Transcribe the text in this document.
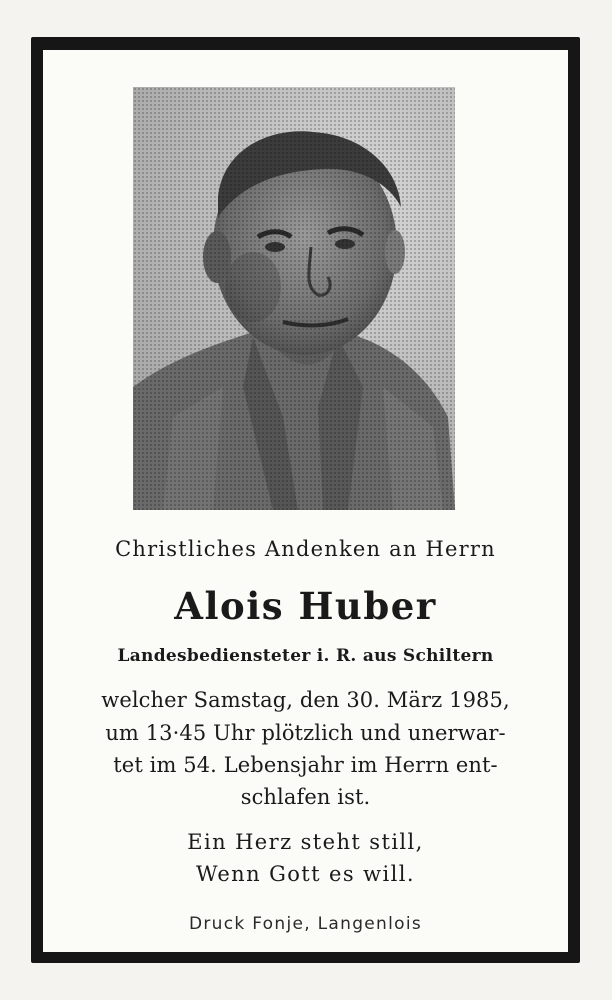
Christliches Andenken an Herrn
Alois Huber
Landesbediensteter i. R. aus Schiltern
welcher Samstag, den 30. März 1985,
um 13·45 Uhr plötzlich und unerwar-
tet im 54. Lebensjahr im Herrn ent-
schlafen ist.
Ein Herz steht still,
Wenn Gott es will.
Druck Fonje, Langenlois
